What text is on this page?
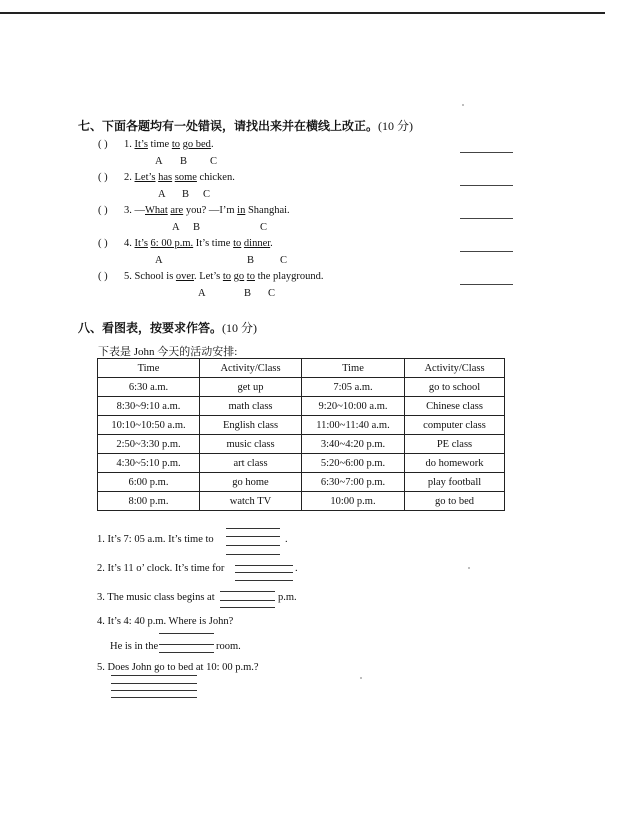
七、下面各题均有一处错误，请找出来并在横线上改正。(10 分)
( ) 1. It’s time to go bed.
A B C
( ) 2. Let’s has some chicken.
A B C
( ) 3. —What are you? ––I’m in Shanghai.
A B	C
( ) 4. It’s 6: 00 p.m. It’s time to dinner.
A	B C
( ) 5. School is over. Let’s to go to the playground.
A	B C
八、看图表，按要求作答。(10 分)
下表是 John 今天的活动安排:
Time	Activity/Class	Time	Activity/Class
6:30 a.m.	get up	7:05 a.m.	go to school
8:30~9:10 a.m.	math class	9:20~10:00 a.m.	Chinese class
10:10~10:50 a.m.	English class	11:00~11:40 a.m.	computer class
2:50~3:30 p.m.	music class	3:40~4:20 p.m.	PE class
4:30~5:10 p.m.	art class	5:20~6:00 p.m.	do homework
6:00 p.m.	go home	6:30~7:00 p.m.	play football
8:00 p.m.	watch TV	10:00 p.m.	go to bed
1. It’s 7: 05 a.m. It’s time to	.
2. It’s 11 o’ clock. It’s time for	.
3. The music class begins at	p.m.
4. It’s 4: 40 p.m. Where is John?
He is in the	room.
5. Does John go to bed at 10: 00 p.m.?
